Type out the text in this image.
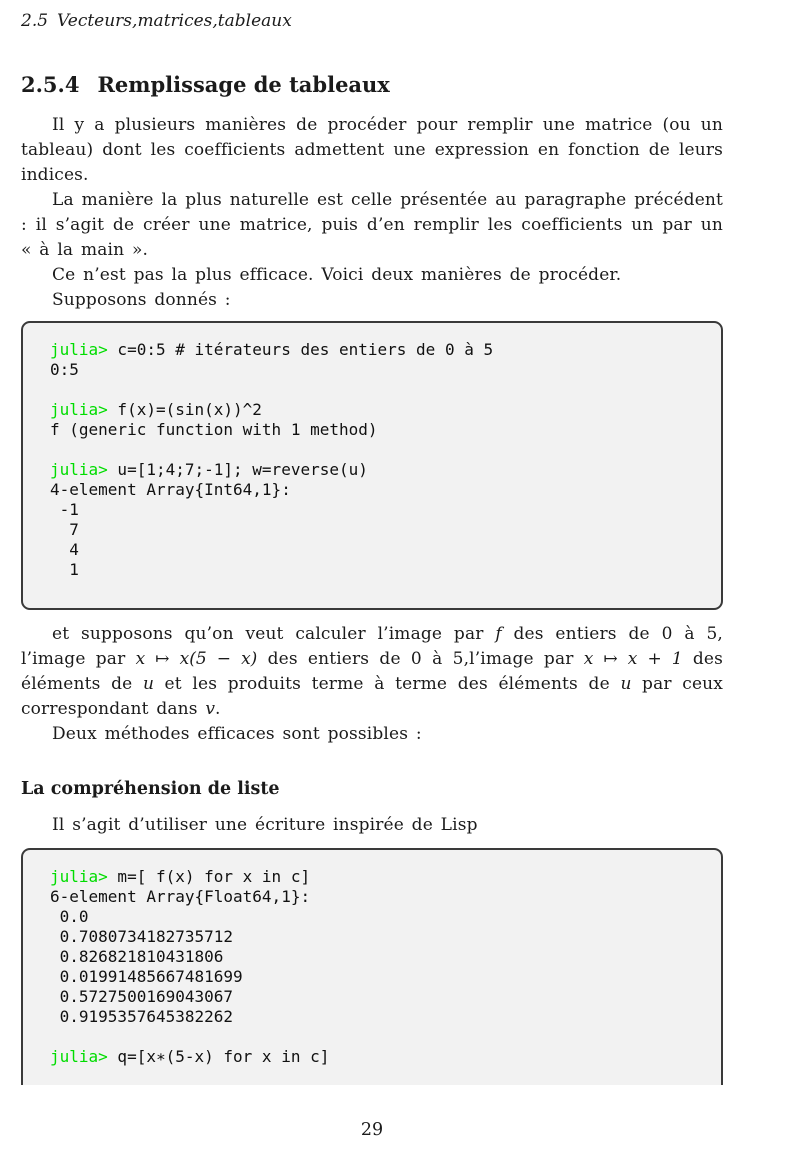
2.5 Vecteurs,matrices,tableaux
2.5.4 Remplissage de tableaux

Il y a plusieurs manières de procéder pour remplir une matrice (ou un tableau) dont les coefficients admettent une expression en fonction de leurs indices.

La manière la plus naturelle est celle présentée au paragraphe précédent : il s’agit de créer une matrice, puis d’en remplir les coefficients un par un « à la main ».

Ce n’est pas la plus efficace. Voici deux manières de procéder.

Supposons donnés :

julia> c=0:5 # itérateurs des entiers de 0 à 5
0:5

julia> f(x)=(sin(x))^2
f (generic function with 1 method)

julia> u=[1;4;7;-1]; w=reverse(u)
4-element Array{Int64,1}:
-1
7
4
1

et supposons qu’on veut calculer l’image par f des entiers de 0 à 5, l’image par x ↦ x(5 − x) des entiers de 0 à 5,l’image par x ↦ x + 1 des éléments de u et les produits terme à terme des éléments de u par ceux correspondant dans v.

Deux méthodes efficaces sont possibles :

La compréhension de liste

Il s’agit d’utiliser une écriture inspirée de Lisp

julia> m=[ f(x) for x in c]
6-element Array{Float64,1}:
0.0
0.7080734182735712
0.826821810431806
0.01991485667481699
0.5727500169043067
0.9195357645382262

julia> q=[x∗(5-x) for x in c]
29
